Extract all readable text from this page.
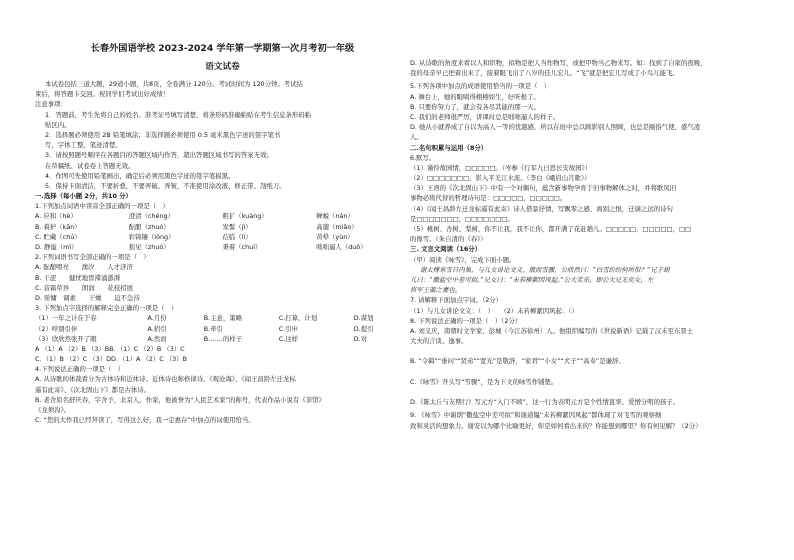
长春外国语学校 2023-2024 学年第一学期第一次月考初一年级
语文试卷
本试卷包括三道大题，29道小题，共8页，全卷满分 120分。考试时间为 120分钟。考试结
束后，将答题卡交回。祝同学们考试出好成绩！
注意事项：
1．答题前，考生先将自己的姓名、准考证号填写清楚，将条形码准确粘贴在考生信息条形码粘
贴区内。
2．选择题必须使用 2B 铅笔填涂；非选择题必须使用 0.5 毫米黑色字迹的签字笔书
写，字体工整、笔迹清楚。
3．请按照题号顺序在各题目的答题区域内作答，超出答题区域书写的答案无效；
在草稿纸、试卷卷上答题无效。
4．作图可先使用铅笔画出，确定后必须用黑色字迹的签字笔描黑。
5．保持卡面清洁，不要折叠，不要弄破、弄皱，不准使用涂改液、修正带、刮纸刀。
一.选择（每小题 2分，共10 分）
1.下列加点词语中读音全部正确的一项是（　）
A. 应和（hè）	澄清（chéng）	粗犷（kuàng）	蝉蜕（nán）
B. 着护（kān）	酝酿（zhuó）	发髻（jì）	高邈（miǎo）
C. 贮藏（chú）	彩锦镶（lòng）	莅临（lì）	黄晕（yùn）
D. 静谧（mì）	拙见（zhuó）	秉着（chuí）	咄咄逼人（duō）
2.下列词语书写全部正确的一项是（　）
A. 酝酿嘹亮　　澳汐　　人才济济
B. 干涩　　健忧地窖滞涌澎湃
C. 音霜草异　　朗润　　花枝招展
D. 骄慵　调素　　干燥　　迫不急待
3. 下列加点字选择的解释完全正确的一项是（　）
（1）一年之计在于春	A.月份	B.主意，策略	C.打算，计划	D.谋划
（2）呼朋引伴	A.招引	B.牵引	C.引申	D.提引
（3）欣欣然张开了眼	A.然而	B.……的样子	C.这样	D.对
A （1）A （2）B （3）BB．（1）C （2）B （3）C
C．（1）B （2）C （3）DD．（1）A （2）C （3）B
4.下列说法正确的一项是（　）
A. 从诗歌的体裁看分为古体诗和近体诗。近体诗也称格律诗。《观沧海》、《闻王昌龄左迁龙标
遥有此寄》、《次北固山下》都是古体诗。
B. 老舍原名舒庆春，字舍予，北京人，作家，他被誉为“人民艺术家”的称号，代表作品小说有《茶馆》
《龙须沟》。
C. “您的大作我已经拜读了，写得这么好，我一定惠存”中加点的词使用恰当。
D. 从诗歌的角度来看以人和织物，拟物是把人当作物写，或把甲物当乙物来写。如：找到了自家的夜晚，
我的母亲早已把着出来了，接着眼飞出了八岁的佳儿宏儿。“飞”就是把宏儿写成了小鸟儿能飞。
5.下列各项中加点的成语使用恰当的一项是（　）
A. 舞台上，她的眼唱得栩栩如生，好听极了。
B. 只要你努力了，就会有各尽其能的那一天。
C. 我们的老师很严厉，讲课时总是咄咄逼人的样子。
D. 她从小就养成了自以为高人一等的优越感，所以在班中总以顾影别人照顾，也总是颐指气使，盛气凌
人。
二.名句积累与运用（8分）
6.默写。
（1）谨怜故园情，□□□□□。（岑参《行军九日思长安故园》）
（2）□□□□□□□，影入平羌江水流。（李白《峨眉山月歌》）
（3）王湾的《次北固山下》中有一个对偶句，蕴含新事物孕育于旧事物解体之时，并将歌凤旧
事物必将代替的哲理诗句是：□□□□□，□□□□□。
（4）《闻王昌龄左迁龙标遥有此寄》诗人借景抒情，写飘零之感、离别之恨，迁谪之远的诗句
是□□□□□□□，□□□□□□□。
（5）桃树、杏树、梨树，你不让我，我不让你，都开满了花赶趟儿。□□□□□，□□□□□，□□
的像雪。（朱自清的《春》）
三. 文言文阅读（16分）
（甲）阅读《咏雪》，完成下面小题。
谢太傅寒雪日内集，与儿女讲论文义。俄而雪骤，公欣然曰：“白雪纷纷何所似？”兄子胡
儿曰：“撒盐空中差可拟。”兄女曰：“未若柳絮因风起。”公大笑乐。即公大兄无奕女，左
将军王凝之妻也。
7. 请解释下面加点字词。（2分）
（1）与儿女讲论文义：（　）　　（2）未若柳絮因风起：（）
8. 下列说法正确的一项是（　）（2分）
A. 刘义庆，南朝时文学家，彭城（今江苏徐州）人。他组织编写的《世说新语》记载了汉末至东晋士
大夫的言谈、逸事。
B. “令羁”“垂问”“贤弟”“宽光”是敬辞，“家君”“小女”“犬子”“高寿”是谦辞。
C.《咏雪》开头写“雪骤”，是为下文的咏雪作铺垫。
D.《陈太丘与友期行》写元方“入门不顾”，这一行为表明元方是个性情直率、爱憎分明的孩子。
9. 《咏雪》中谢朗“撒盐空中差可拟”和谢道韫“未若柳絮因风起”都体现了对飞雪的观察细
致和灵活的想象力。谢安以为哪个比喻更好，你是如何看出来的？你能想到哪里？你有何见解？（2分）
